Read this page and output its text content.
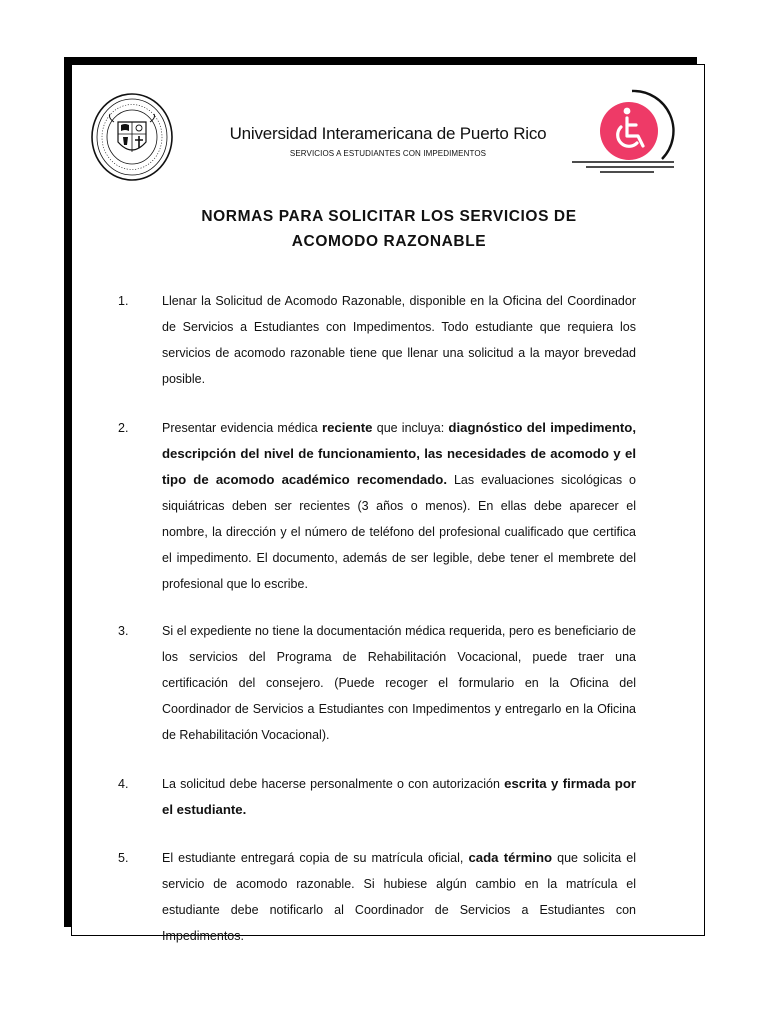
Universidad Interamericana de Puerto Rico
SERVICIOS A ESTUDIANTES CON IMPEDIMENTOS
NORMAS PARA SOLICITAR LOS SERVICIOS DE
ACOMODO RAZONABLE
1.	Llenar la Solicitud de Acomodo Razonable, disponible en la Oficina del Coordinador de Servicios a Estudiantes con Impedimentos. Todo estudiante que requiera los servicios de acomodo razonable tiene que llenar una solicitud a la mayor brevedad posible.
2.	Presentar evidencia médica reciente que incluya: diagnóstico del impedimento, descripción del nivel de funcionamiento, las necesidades de acomodo y el tipo de acomodo académico recomendado. Las evaluaciones sicológicas o siquiátricas deben ser recientes (3 años o menos). En ellas debe aparecer el nombre, la dirección y el número de teléfono del profesional cualificado que certifica el impedimento. El documento, además de ser legible, debe tener el membrete del profesional que lo escribe.
3.	Si el expediente no tiene la documentación médica requerida, pero es beneficiario de los servicios del Programa de Rehabilitación Vocacional, puede traer una certificación del consejero. (Puede recoger el formulario en la Oficina del Coordinador de Servicios a Estudiantes con Impedimentos y entregarlo en la Oficina de Rehabilitación Vocacional).
4.	La solicitud debe hacerse personalmente o con autorización escrita y firmada por el estudiante.
5.	El estudiante entregará copia de su matrícula oficial, cada término que solicita el servicio de acomodo razonable. Si hubiese algún cambio en la matrícula el estudiante debe notificarlo al Coordinador de Servicios a Estudiantes con Impedimentos.
